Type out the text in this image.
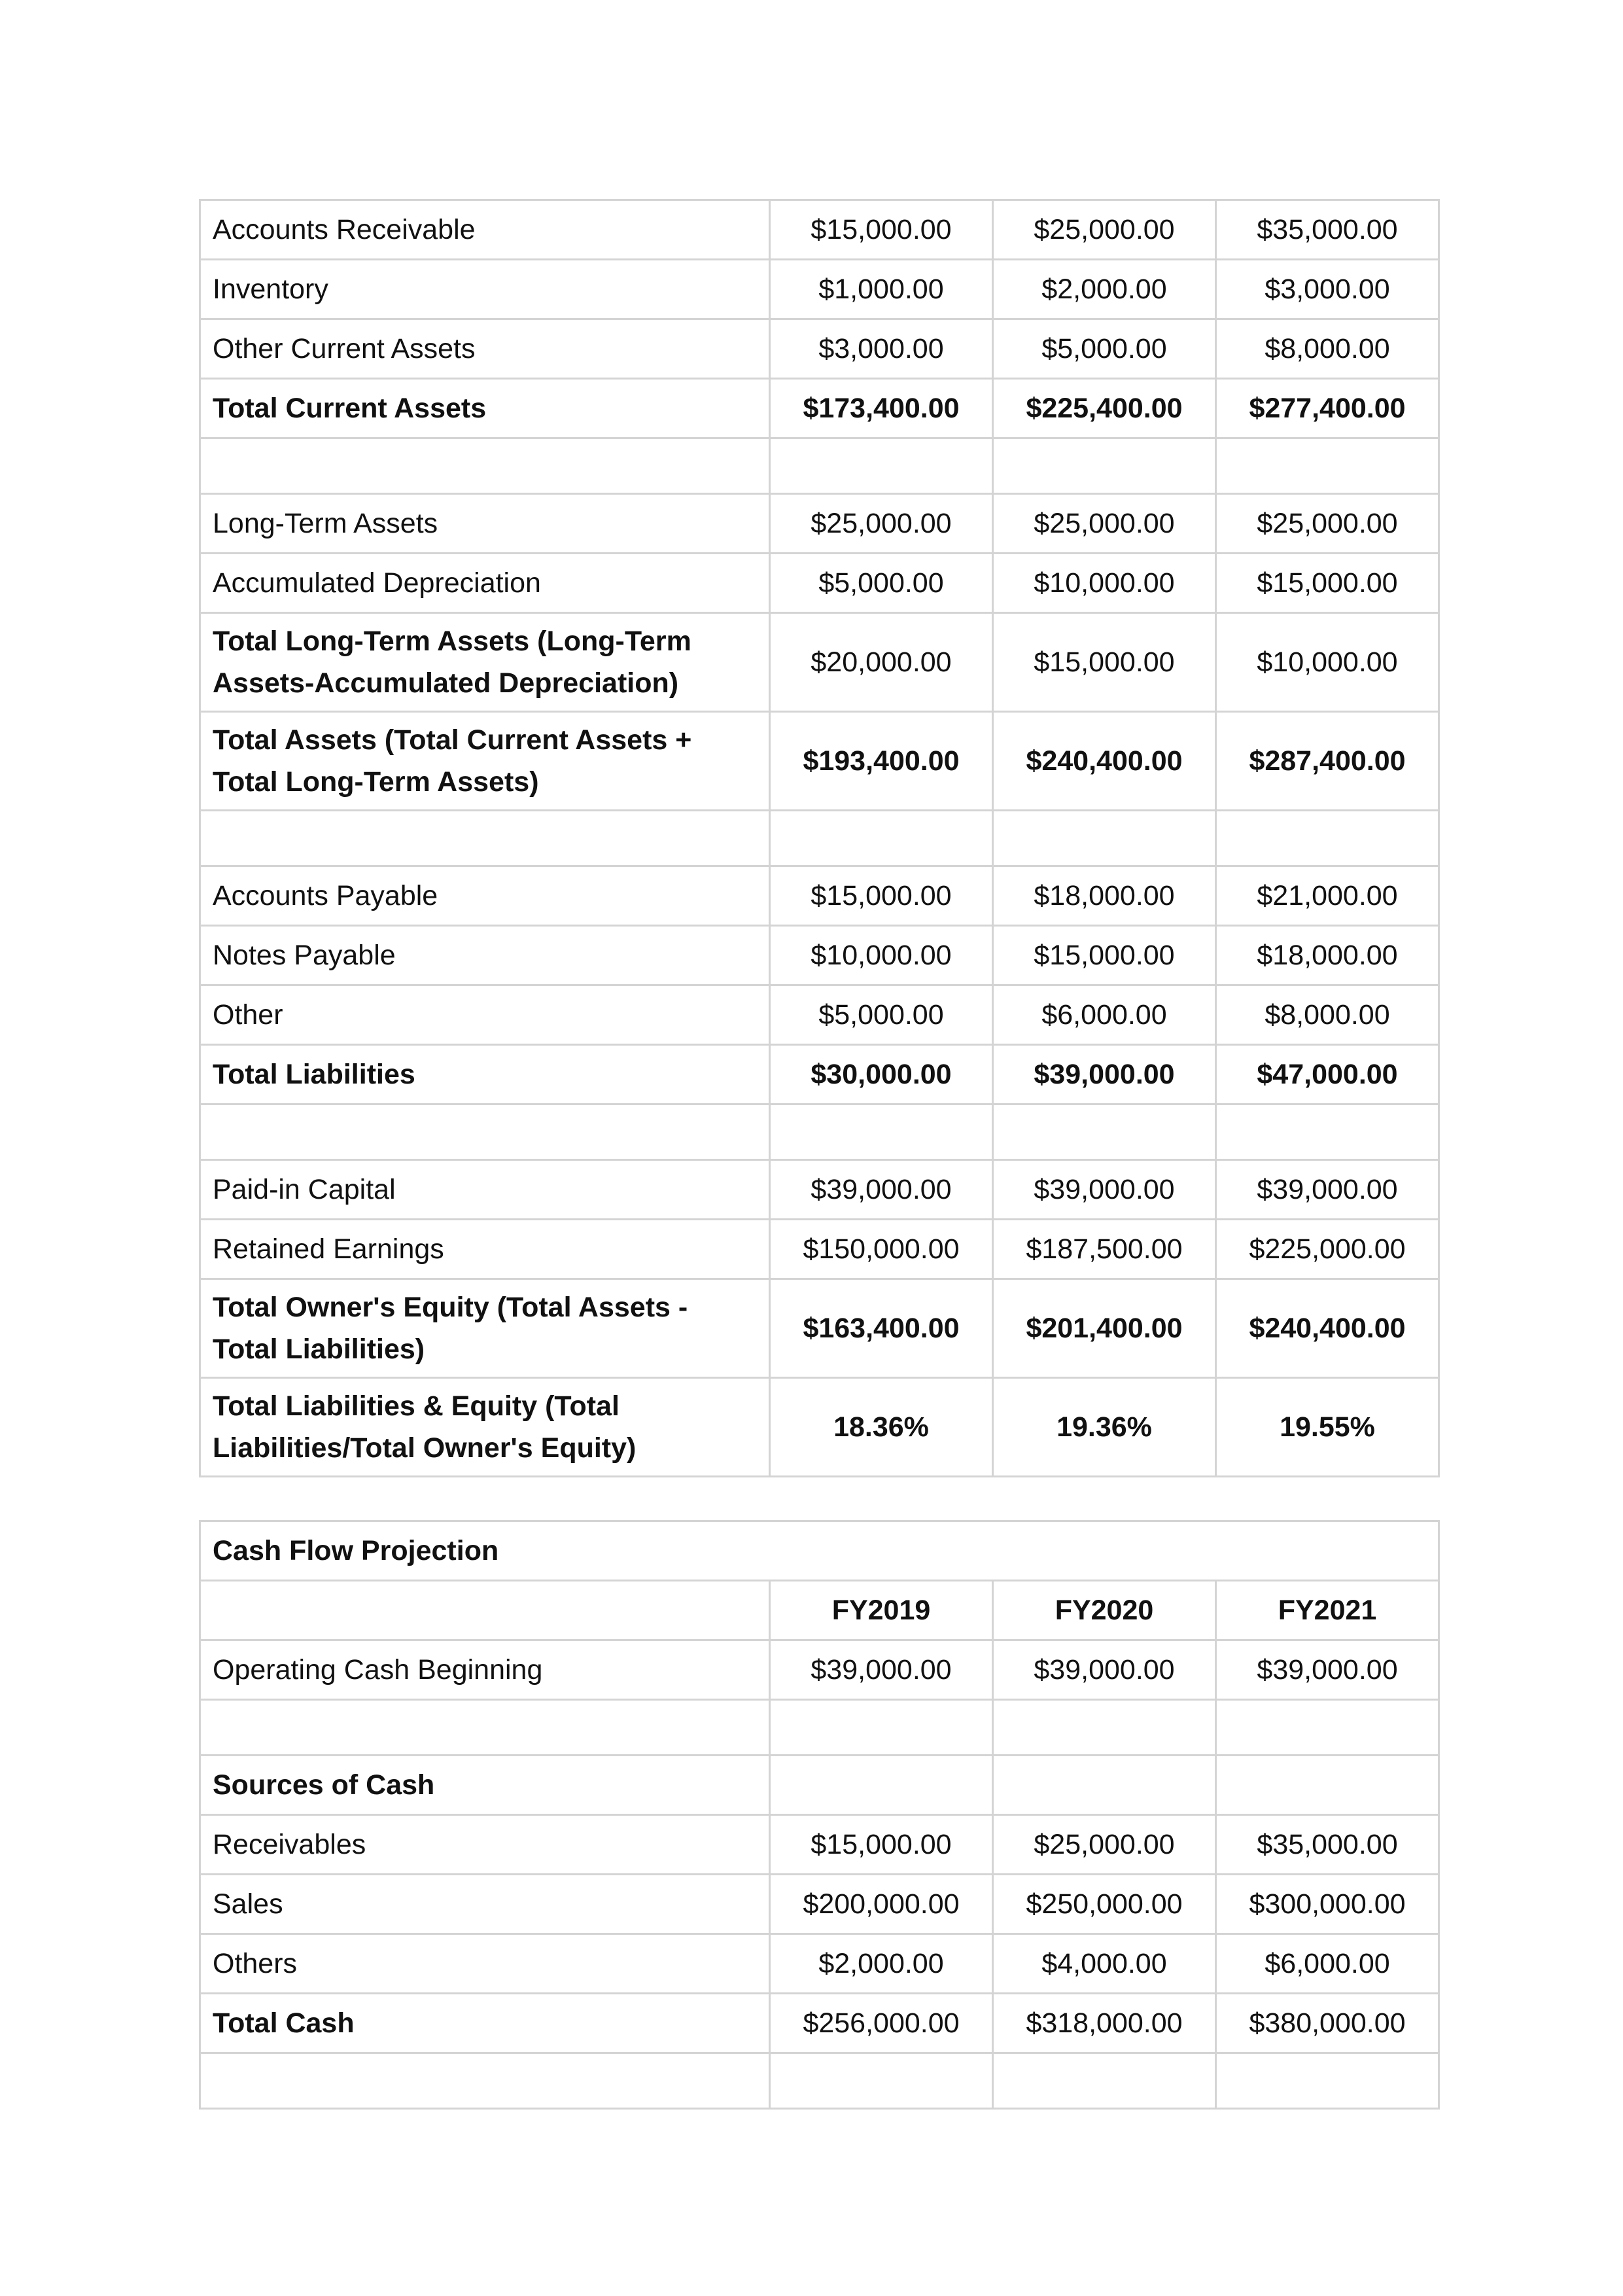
Accounts Receivable	$15,000.00	$25,000.00	$35,000.00
Inventory	$1,000.00	$2,000.00	$3,000.00
Other Current Assets	$3,000.00	$5,000.00	$8,000.00
Total Current Assets	$173,400.00	$225,400.00	$277,400.00

Long-Term Assets	$25,000.00	$25,000.00	$25,000.00
Accumulated Depreciation	$5,000.00	$10,000.00	$15,000.00
Total Long-Term Assets (Long-Term Assets-Accumulated Depreciation)	$20,000.00	$15,000.00	$10,000.00
Total Assets (Total Current Assets + Total Long-Term Assets)	$193,400.00	$240,400.00	$287,400.00

Accounts Payable	$15,000.00	$18,000.00	$21,000.00
Notes Payable	$10,000.00	$15,000.00	$18,000.00
Other	$5,000.00	$6,000.00	$8,000.00
Total Liabilities	$30,000.00	$39,000.00	$47,000.00

Paid-in Capital	$39,000.00	$39,000.00	$39,000.00
Retained Earnings	$150,000.00	$187,500.00	$225,000.00
Total Owner's Equity (Total Assets - Total Liabilities)	$163,400.00	$201,400.00	$240,400.00
Total Liabilities & Equity (Total Liabilities/Total Owner's Equity)	18.36%	19.36%	19.55%
Cash Flow Projection			
	FY2019	FY2020	FY2021
Operating Cash Beginning	$39,000.00	$39,000.00	$39,000.00

Sources of Cash			
Receivables	$15,000.00	$25,000.00	$35,000.00
Sales	$200,000.00	$250,000.00	$300,000.00
Others	$2,000.00	$4,000.00	$6,000.00
Total Cash	$256,000.00	$318,000.00	$380,000.00
